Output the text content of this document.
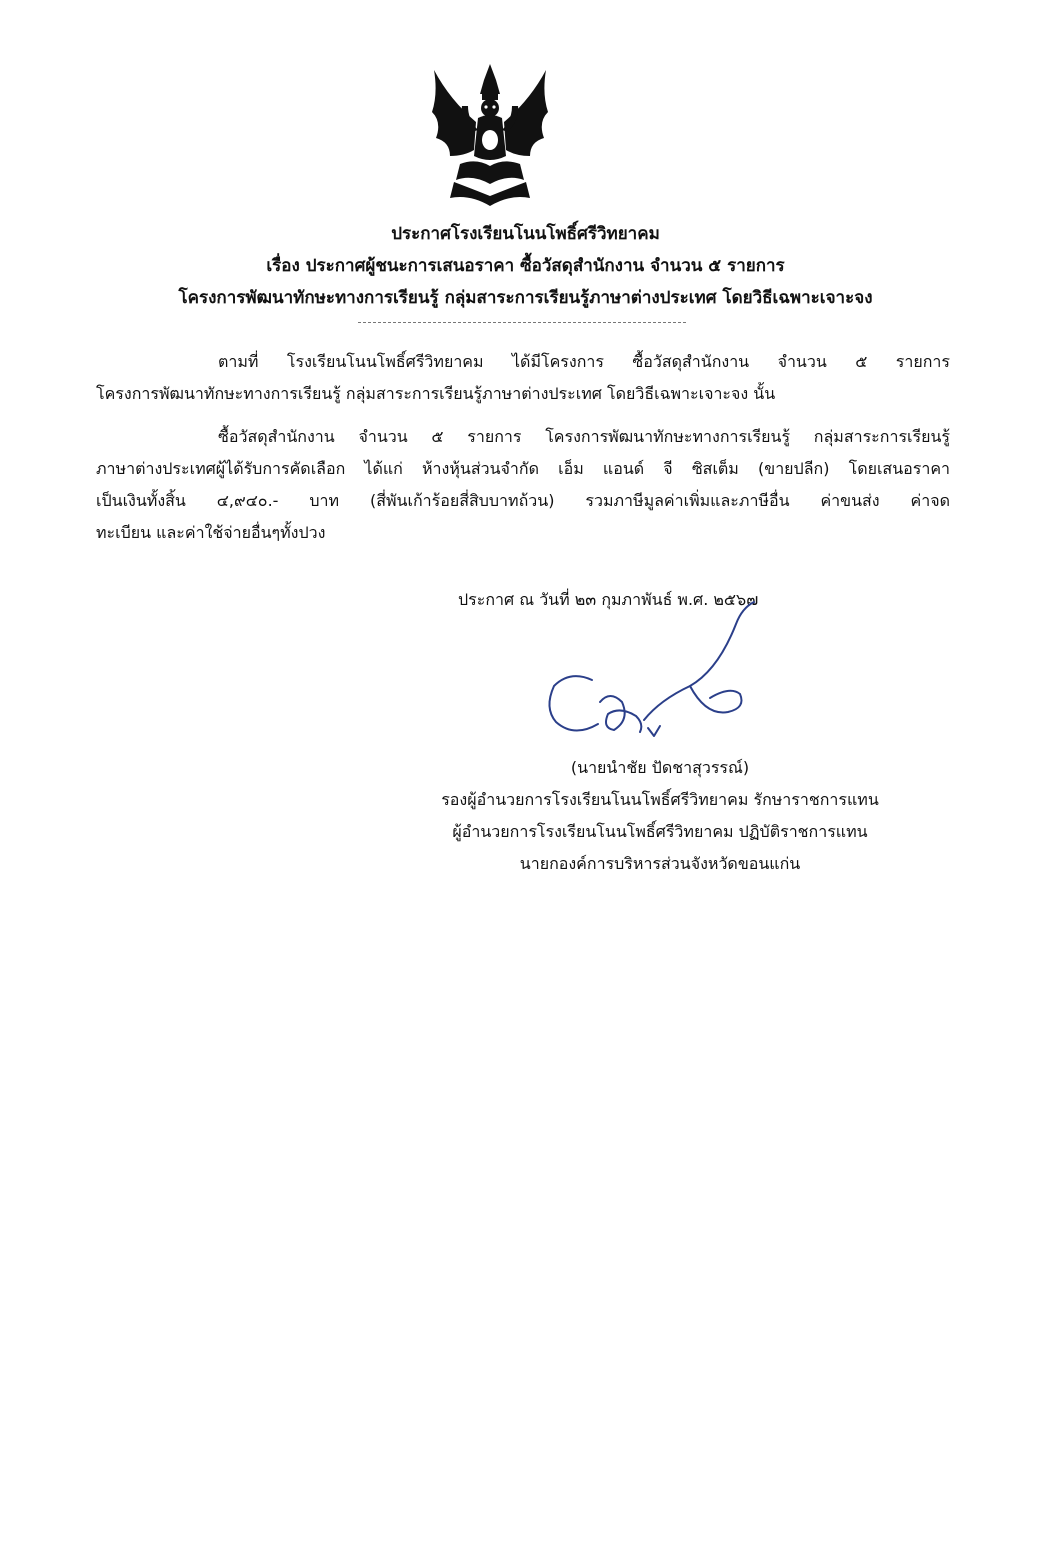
ประกาศโรงเรียนโนนโพธิ์ศรีวิทยาคม
เรื่อง ประกาศผู้ชนะการเสนอราคา ซื้อวัสดุสำนักงาน จำนวน ๕ รายการ
โครงการพัฒนาทักษะทางการเรียนรู้ กลุ่มสาระการเรียนรู้ภาษาต่างประเทศ โดยวิธีเฉพาะเจาะจง
ตามที่ โรงเรียนโนนโพธิ์ศรีวิทยาคม ได้มีโครงการ ซื้อวัสดุสำนักงาน จำนวน ๕ รายการ
โครงการพัฒนาทักษะทางการเรียนรู้ กลุ่มสาระการเรียนรู้ภาษาต่างประเทศ โดยวิธีเฉพาะเจาะจง นั้น
ซื้อวัสดุสำนักงาน จำนวน ๕ รายการ โครงการพัฒนาทักษะทางการเรียนรู้ กลุ่มสาระการเรียนรู้
ภาษาต่างประเทศผู้ได้รับการคัดเลือก ได้แก่ ห้างหุ้นส่วนจำกัด เอ็ม แอนด์ จี ซิสเต็ม (ขายปลีก) โดยเสนอราคา
เป็นเงินทั้งสิ้น ๔,๙๔๐.- บาท (สี่พันเก้าร้อยสี่สิบบาทถ้วน) รวมภาษีมูลค่าเพิ่มและภาษีอื่น ค่าขนส่ง ค่าจด
ทะเบียน และค่าใช้จ่ายอื่นๆทั้งปวง
ประกาศ ณ วันที่ ๒๓ กุมภาพันธ์ พ.ศ. ๒๕๖๗
(นายนำชัย ปัดชาสุวรรณ์)
รองผู้อำนวยการโรงเรียนโนนโพธิ์ศรีวิทยาคม รักษาราชการแทน
ผู้อำนวยการโรงเรียนโนนโพธิ์ศรีวิทยาคม ปฏิบัติราชการแทน
นายกองค์การบริหารส่วนจังหวัดขอนแก่น
